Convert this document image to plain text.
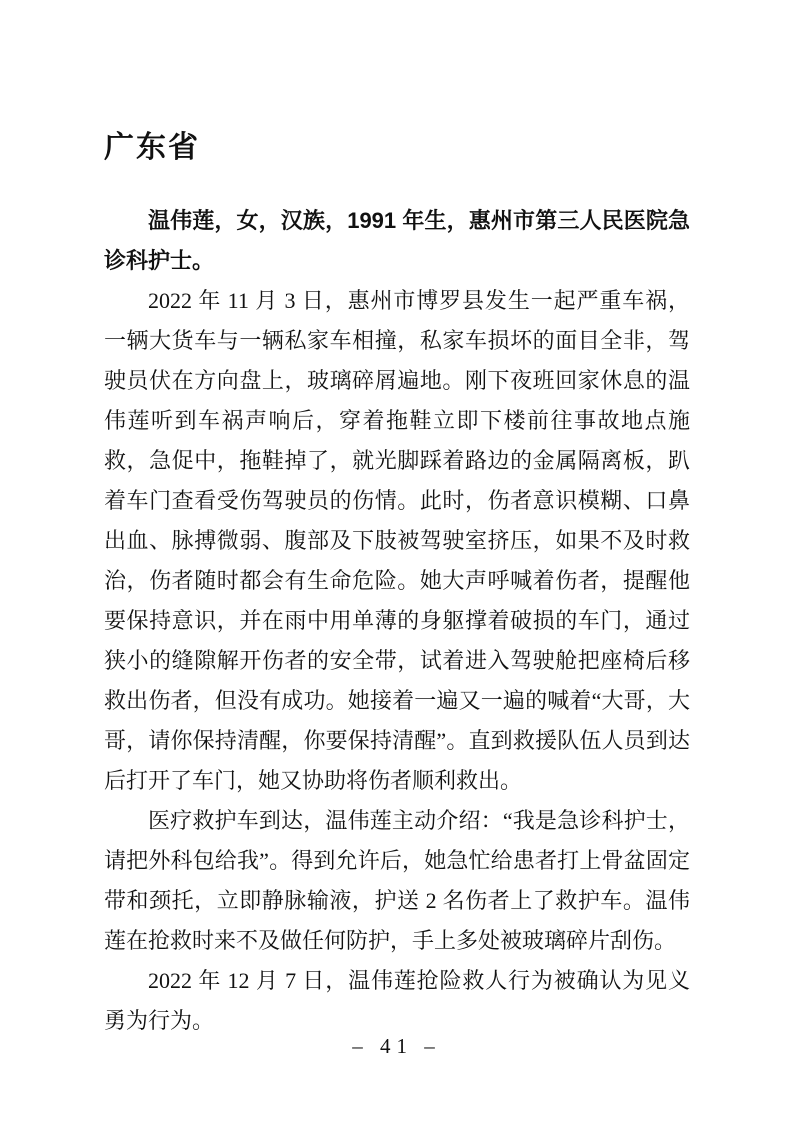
广东省

温伟莲，女，汉族，1991 年生，惠州市第三人民医院急诊科护士。

2022 年 11 月 3 日，惠州市博罗县发生一起严重车祸，一辆大货车与一辆私家车相撞，私家车损坏的面目全非，驾驶员伏在方向盘上，玻璃碎屑遍地。刚下夜班回家休息的温伟莲听到车祸声响后，穿着拖鞋立即下楼前往事故地点施救，急促中，拖鞋掉了，就光脚踩着路边的金属隔离板，趴着车门查看受伤驾驶员的伤情。此时，伤者意识模糊、口鼻出血、脉搏微弱、腹部及下肢被驾驶室挤压，如果不及时救治，伤者随时都会有生命危险。她大声呼喊着伤者，提醒他要保持意识，并在雨中用单薄的身躯撑着破损的车门，通过狭小的缝隙解开伤者的安全带，试着进入驾驶舱把座椅后移救出伤者，但没有成功。她接着一遍又一遍的喊着“大哥，大哥，请你保持清醒，你要保持清醒”。直到救援队伍人员到达后打开了车门，她又协助将伤者顺利救出。

医疗救护车到达，温伟莲主动介绍：“我是急诊科护士，请把外科包给我”。得到允许后，她急忙给患者打上骨盆固定带和颈托，立即静脉输液，护送 2 名伤者上了救护车。温伟莲在抢救时来不及做任何防护，手上多处被玻璃碎片刮伤。

2022 年 12 月 7 日，温伟莲抢险救人行为被确认为见义勇为行为。

– 41 –
